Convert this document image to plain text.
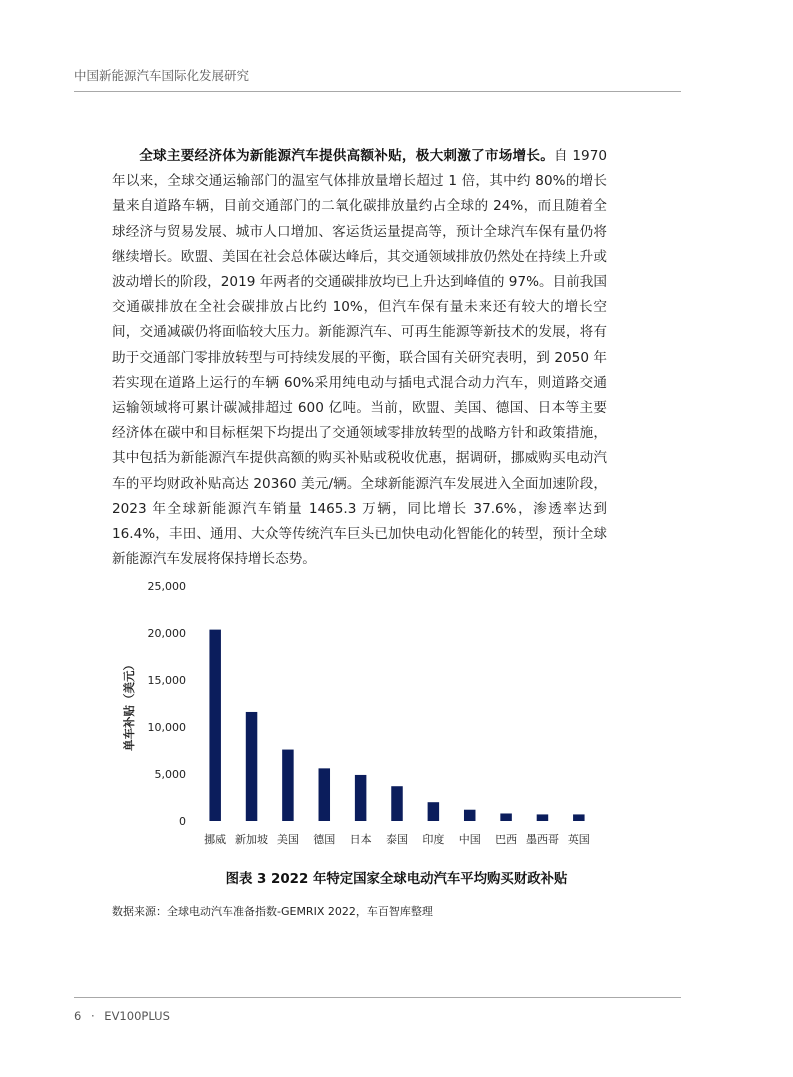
中国新能源汽车国际化发展研究
全球主要经济体为新能源汽车提供高额补贴，极大刺激了市场增长。自 1970 年以来，全球交通运输部门的温室气体排放量增长超过 1 倍，其中约 80%的增长量来自道路车辆，目前交通部门的二氧化碳排放量约占全球的 24%，而且随着全球经济与贸易发展、城市人口增加、客运货运量提高等，预计全球汽车保有量仍将继续增长。欧盟、美国在社会总体碳达峰后，其交通领域排放仍然处在持续上升或波动增长的阶段，2019 年两者的交通碳排放均已上升达到峰值的 97%。目前我国交通碳排放在全社会碳排放占比约 10%，但汽车保有量未来还有较大的增长空间，交通减碳仍将面临较大压力。新能源汽车、可再生能源等新技术的发展，将有助于交通部门零排放转型与可持续发展的平衡，联合国有关研究表明，到 2050 年若实现在道路上运行的车辆 60%采用纯电动与插电式混合动力汽车，则道路交通运输领域将可累计碳减排超过 600 亿吨。当前，欧盟、美国、德国、日本等主要经济体在碳中和目标框架下均提出了交通领域零排放转型的战略方针和政策措施，其中包括为新能源汽车提供高额的购买补贴或税收优惠，据调研，挪威购买电动汽车的平均财政补贴高达 20360 美元/辆。全球新能源汽车发展进入全面加速阶段，2023 年全球新能源汽车销量 1465.3 万辆，同比增长 37.6%，渗透率达到 16.4%，丰田、通用、大众等传统汽车巨头已加快电动化智能化的转型，预计全球新能源汽车发展将保持增长态势。
0
5,000
10,000
15,000
20,000
25,000
单车补贴（美元）
挪威 新加坡 美国 德国 日本 泰国 印度 中国 巴西 墨西哥 英国
图表 3 2022 年特定国家全球电动汽车平均购买财政补贴
数据来源：全球电动汽车准备指数-GEMRIX 2022，车百智库整理
6 · EV100PLUS
